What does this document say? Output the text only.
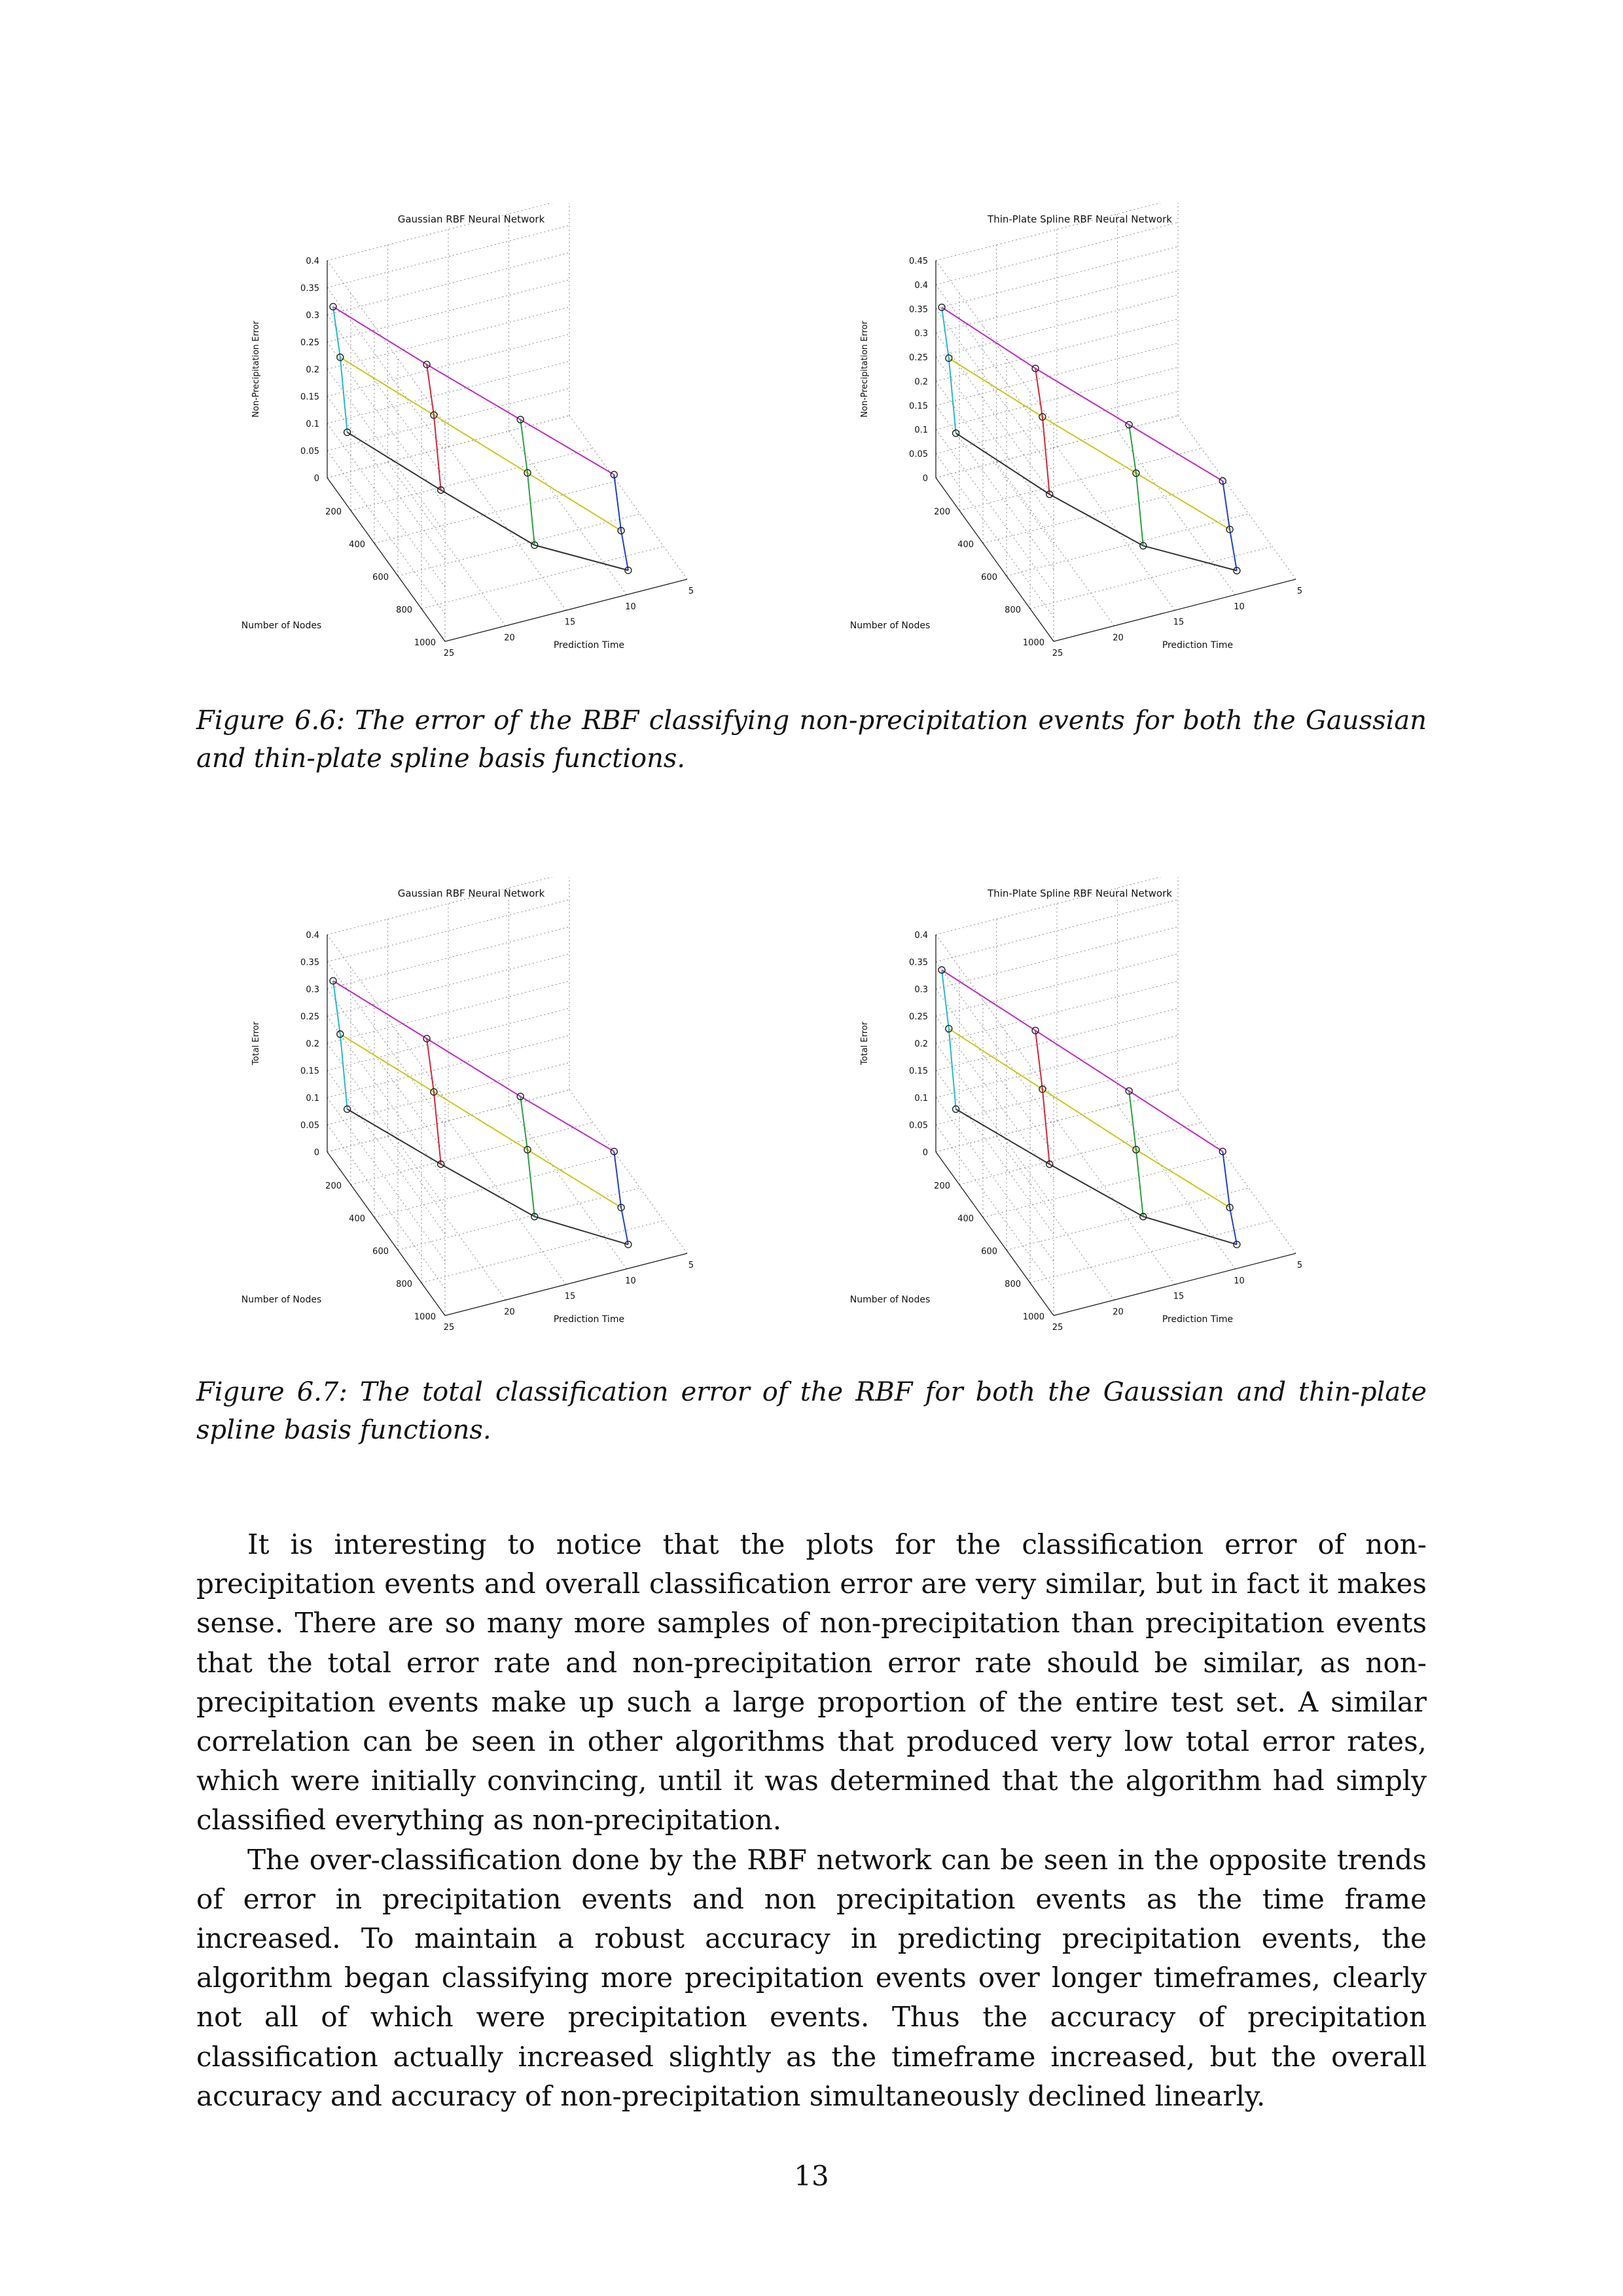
Gaussian RBF Neural Network
0
0.05
0.1
0.15
0.2
0.25
0.3
0.35
0.4
200
400
600
800
1000
25
20
15
10
5
Non-Precipitation Error
Number of Nodes
Prediction Time
Thin-Plate Spline RBF Neural Network
0
0.05
0.1
0.15
0.2
0.25
0.3
0.35
0.4
0.45
200
400
600
800
1000
25
20
15
10
5
Non-Precipitation Error
Number of Nodes
Prediction Time
Figure 6.6: The error of the RBF classifying non-precipitation events for both the Gaussian and thin-plate spline basis functions.
Gaussian RBF Neural Network
0
0.05
0.1
0.15
0.2
0.25
0.3
0.35
0.4
200
400
600
800
1000
25
20
15
10
5
Total Error
Number of Nodes
Prediction Time
Thin-Plate Spline RBF Neural Network
0
0.05
0.1
0.15
0.2
0.25
0.3
0.35
0.4
200
400
600
800
1000
25
20
15
10
5
Total Error
Number of Nodes
Prediction Time
Figure 6.7: The total classification error of the RBF for both the Gaussian and thin-plate spline basis functions.

It is interesting to notice that the plots for the classification error of non-precipitation events and overall classification error are very similar, but in fact it makes sense. There are so many more samples of non-precipitation than precipitation events that the total error rate and non-precipitation error rate should be similar, as non-precipitation events make up such a large proportion of the entire test set. A similar correlation can be seen in other algorithms that produced very low total error rates, which were initially convincing, until it was determined that the algorithm had simply classified everything as non-precipitation.

The over-classification done by the RBF network can be seen in the opposite trends of error in precipitation events and non precipitation events as the time frame increased. To maintain a robust accuracy in predicting precipitation events, the algorithm began classifying more precipitation events over longer timeframes, clearly not all of which were precipitation events. Thus the accuracy of precipitation classification actually increased slightly as the timeframe increased, but the overall accuracy and accuracy of non-precipitation simultaneously declined linearly.

13
